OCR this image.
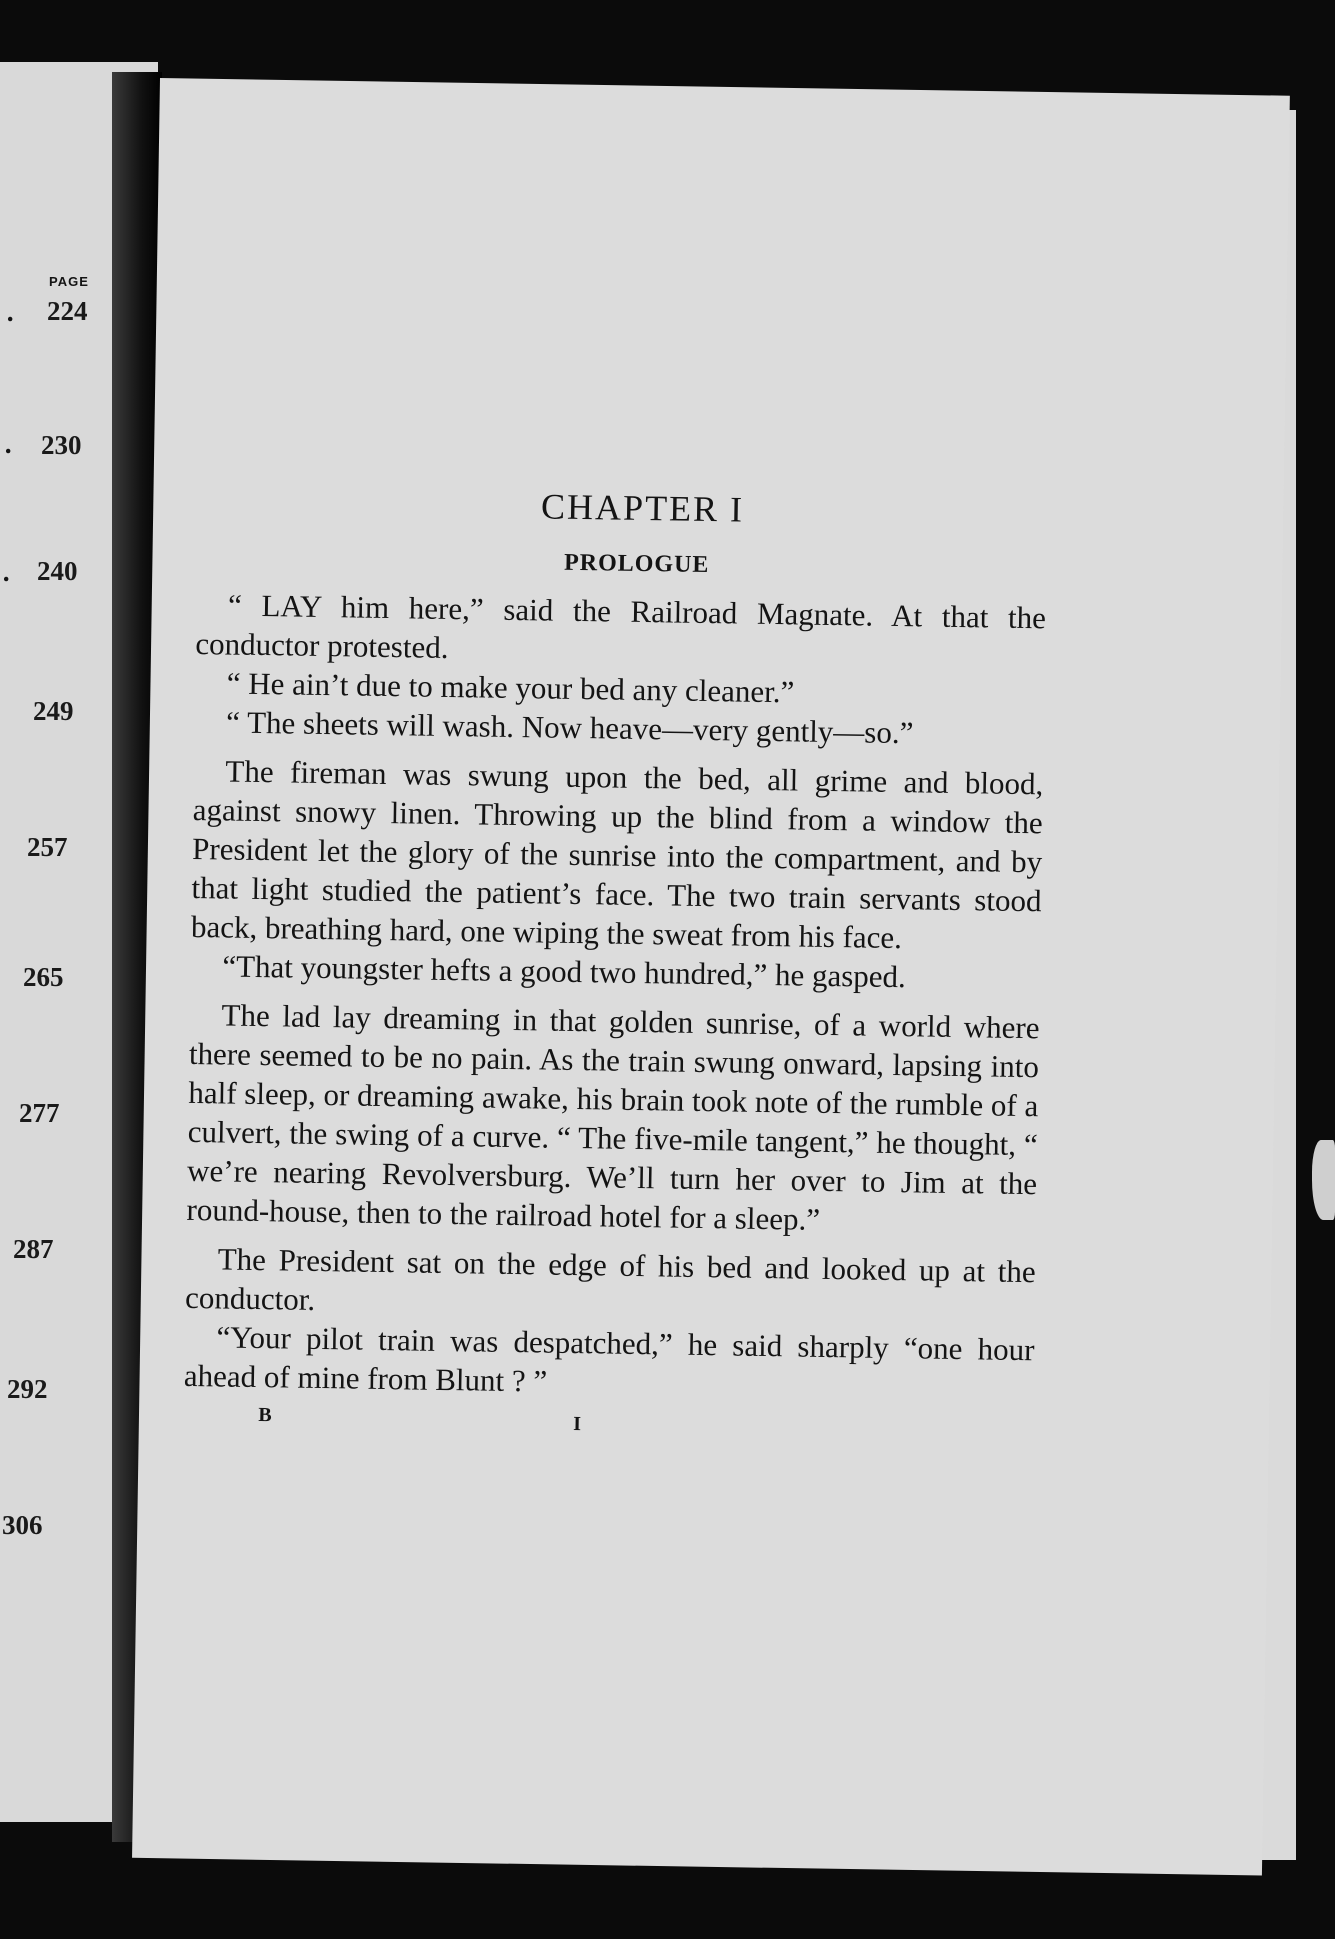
PAGE
. 224
. 230
. 240
249
257
265
277
287
292
306
CHAPTER I
PROLOGUE

“ LAY him here,” said the Railroad Magnate. At that the conductor protested.

“ He ain’t due to make your bed any cleaner.”

“ The sheets will wash. Now heave—very gently—so.”

The fireman was swung upon the bed, all grime and blood, against snowy linen. Throwing up the blind from a window the President let the glory of the sunrise into the compartment, and by that light studied the patient’s face. The two train servants stood back, breathing hard, one wiping the sweat from his face.

“That youngster hefts a good two hundred,” he gasped.

The lad lay dreaming in that golden sunrise, of a world where there seemed to be no pain. As the train swung onward, lapsing into half sleep, or dreaming awake, his brain took note of the rumble of a culvert, the swing of a curve. “ The five-mile tangent,” he thought, “ we’re nearing Revolversburg. We’ll turn her over to Jim at the round-house, then to the railroad hotel for a sleep.”

The President sat on the edge of his bed and looked up at the conductor.

“Your pilot train was despatched,” he said sharply “one hour ahead of mine from Blunt ? ”

B	I
